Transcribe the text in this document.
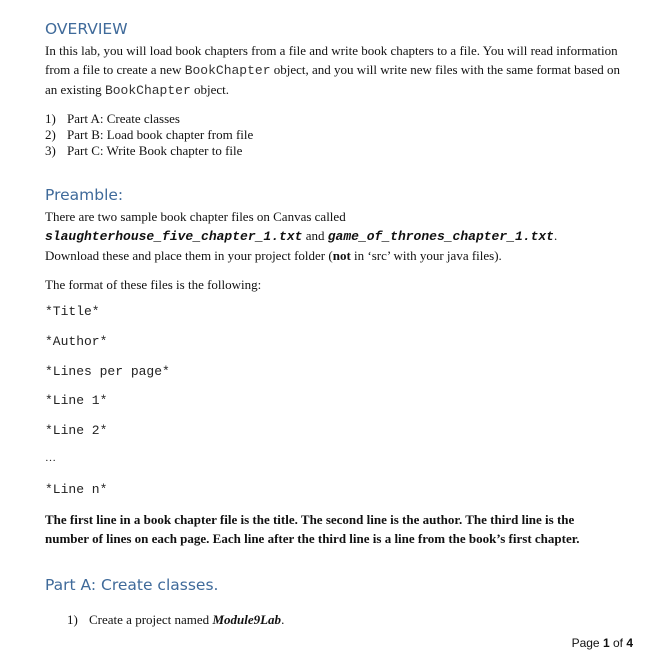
OVERVIEW

In this lab, you will load book chapters from a file and write book chapters to a file. You will read information from a file to create a new BookChapter object, and you will write new files with the same format based on an existing BookChapter object.

1) Part A: Create classes
2) Part B: Load book chapter from file
3) Part C: Write Book chapter to file
Preamble:

There are two sample book chapter files on Canvas called
slaughterhouse_five_chapter_1.txt and game_of_thrones_chapter_1.txt.
Download these and place them in your project folder (not in ‘src’ with your java files).

The format of these files is the following:

*Title*

*Author*

*Lines per page*

*Line 1*

*Line 2*

…

*Line n*

The first line in a book chapter file is the title. The second line is the author. The third line is the number of lines on each page. Each line after the third line is a line from the book’s first chapter.

Part A: Create classes.

1) Create a project named Module9Lab.

Page 1 of 4
